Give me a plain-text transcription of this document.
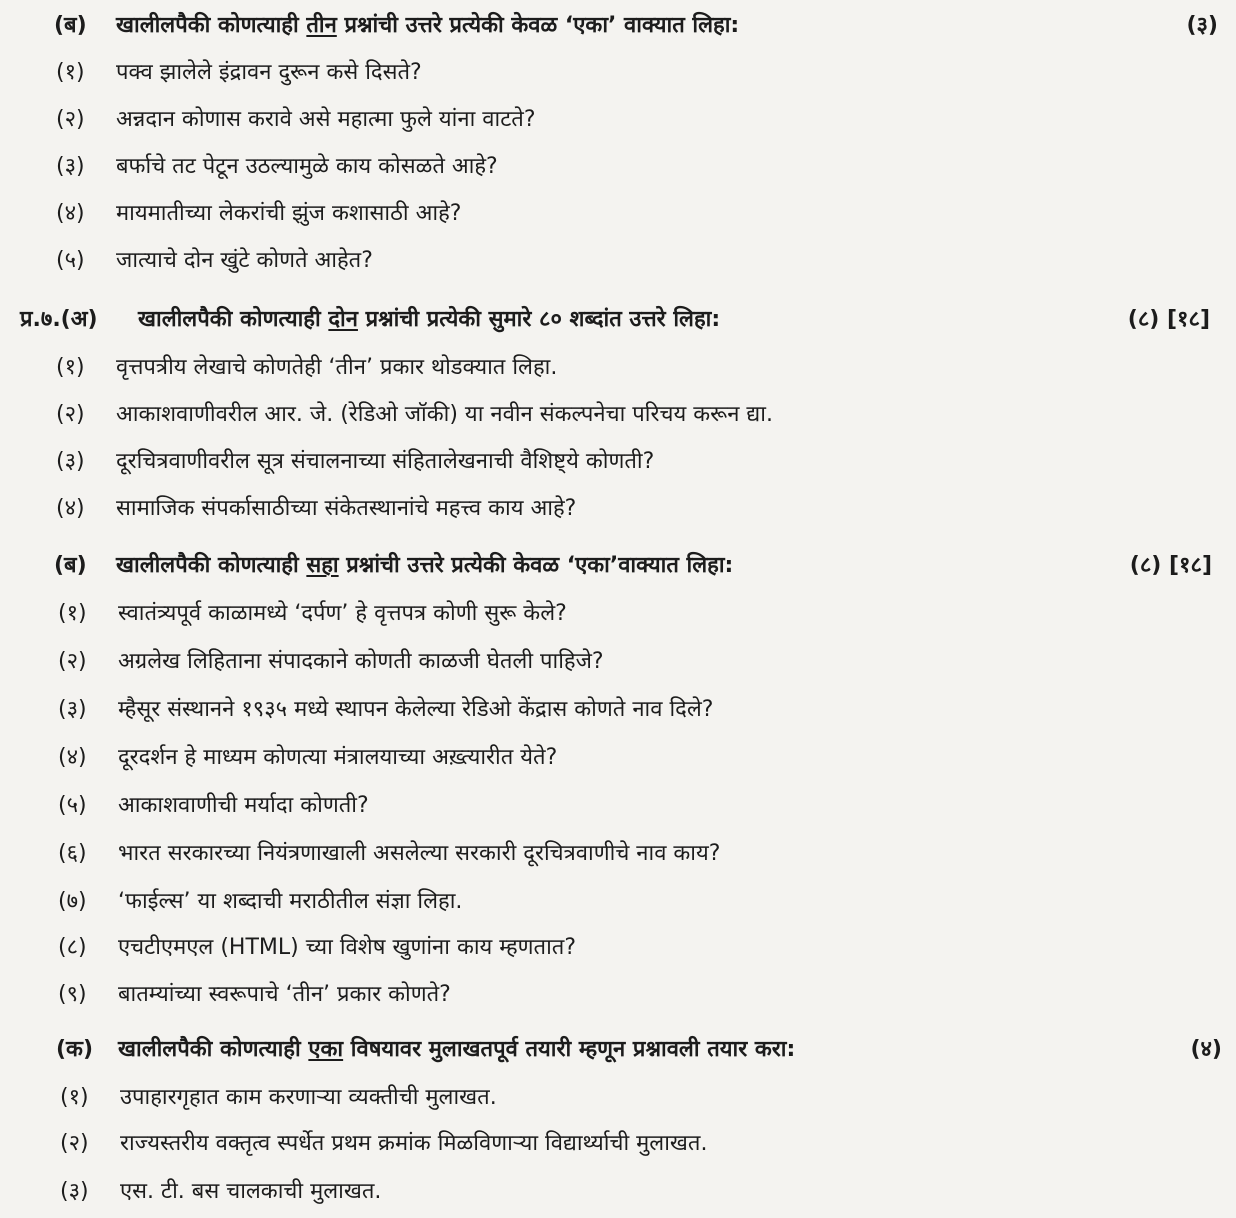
(ब) खालीलपैकी कोणत्याही तीन प्रश्नांची उत्तरे प्रत्येकी केवळ ‘एका’ वाक्यात लिहा:	(३)
(१) पक्व झालेले इंद्रावन दुरून कसे दिसते?
(२) अन्नदान कोणास करावे असे महात्मा फुले यांना वाटते?
(३) बर्फाचे तट पेटून उठल्यामुळे काय कोसळते आहे?
(४) मायमातीच्या लेकरांची झुंज कशासाठी आहे?
(५) जात्याचे दोन खुंटे कोणते आहेत?
प्र.७.(अ) खालीलपैकी कोणत्याही दोन प्रश्नांची प्रत्येकी सुमारे ८० शब्दांत उत्तरे लिहा:	(८) [१८]
(१) वृत्तपत्रीय लेखाचे कोणतेही ‘तीन’ प्रकार थोडक्यात लिहा.
(२) आकाशवाणीवरील आर. जे. (रेडिओ जॉकी) या नवीन संकल्पनेचा परिचय करून द्या.
(३) दूरचित्रवाणीवरील सूत्र संचालनाच्या संहितालेखनाची वैशिष्ट्ये कोणती?
(४) सामाजिक संपर्कासाठीच्या संकेतस्थानांचे महत्त्व काय आहे?
(ब) खालीलपैकी कोणत्याही सहा प्रश्नांची उत्तरे प्रत्येकी केवळ ‘एका’वाक्यात लिहा:	(८) [१८]
(१) स्वातंत्र्यपूर्व काळामध्ये ‘दर्पण’ हे वृत्तपत्र कोणी सुरू केले?
(२) अग्रलेख लिहिताना संपादकाने कोणती काळजी घेतली पाहिजे?
(३) म्हैसूर संस्थानने १९३५ मध्ये स्थापन केलेल्या रेडिओ केंद्रास कोणते नाव दिले?
(४) दूरदर्शन हे माध्यम कोणत्या मंत्रालयाच्या अख़्त्यारीत येते?
(५) आकाशवाणीची मर्यादा कोणती?
(६) भारत सरकारच्या नियंत्रणाखाली असलेल्या सरकारी दूरचित्रवाणीचे नाव काय?
(७) ‘फाईल्स’ या शब्दाची मराठीतील संज्ञा लिहा.
(८) एचटीएमएल (HTML) च्या विशेष खुणांना काय म्हणतात?
(९) बातम्यांच्या स्वरूपाचे ‘तीन’ प्रकार कोणते?
(क) खालीलपैकी कोणत्याही एका विषयावर मुलाखतपूर्व तयारी म्हणून प्रश्नावली तयार करा:	(४)
(१) उपाहारगृहात काम करणाऱ्या व्यक्तीची मुलाखत.
(२) राज्यस्तरीय वक्तृत्व स्पर्धेत प्रथम क्रमांक मिळविणाऱ्या विद्यार्थ्याची मुलाखत.
(३) एस. टी. बस चालकाची मुलाखत.
